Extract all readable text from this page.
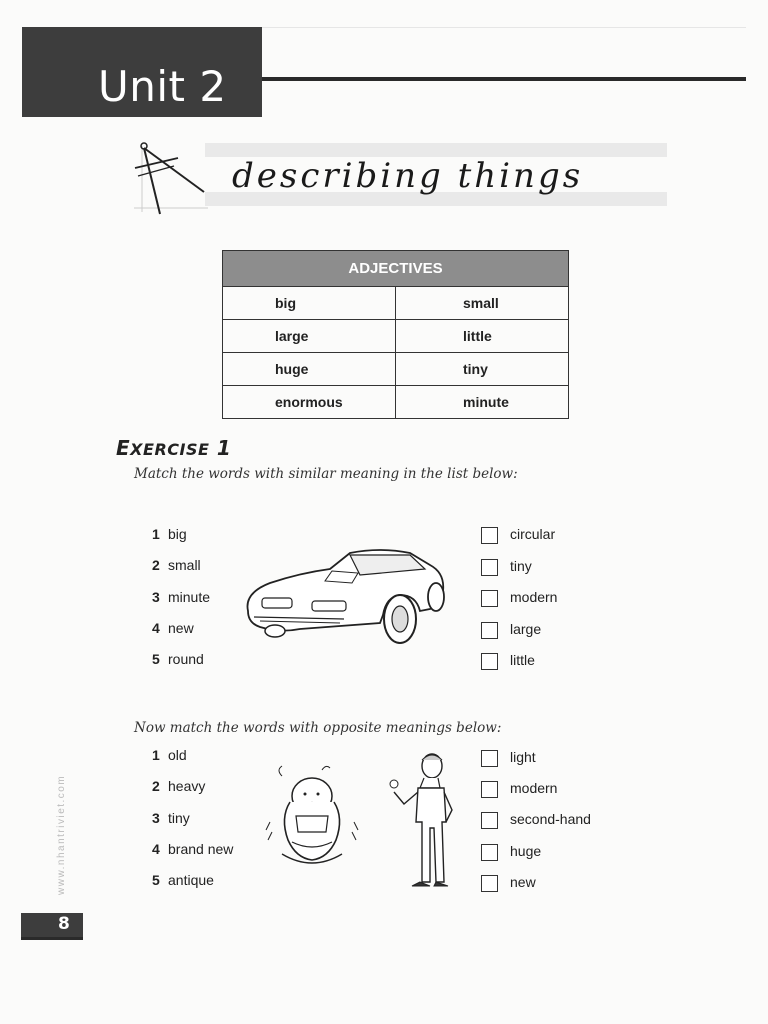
Unit 2
describing things
ADJECTIVES	
big	small
large	little
huge	tiny
enormous	minute
EXERCISE 1
Match the words with similar meaning in the list below:
1 big
2 small
3 minute
4 new
5 round
circular
tiny
modern
large
little
Now match the words with opposite meanings below:
1 old
2 heavy
3 tiny
4 brand new
5 antique
light
modern
second-hand
huge
new
www.nhantriviet.com
8
